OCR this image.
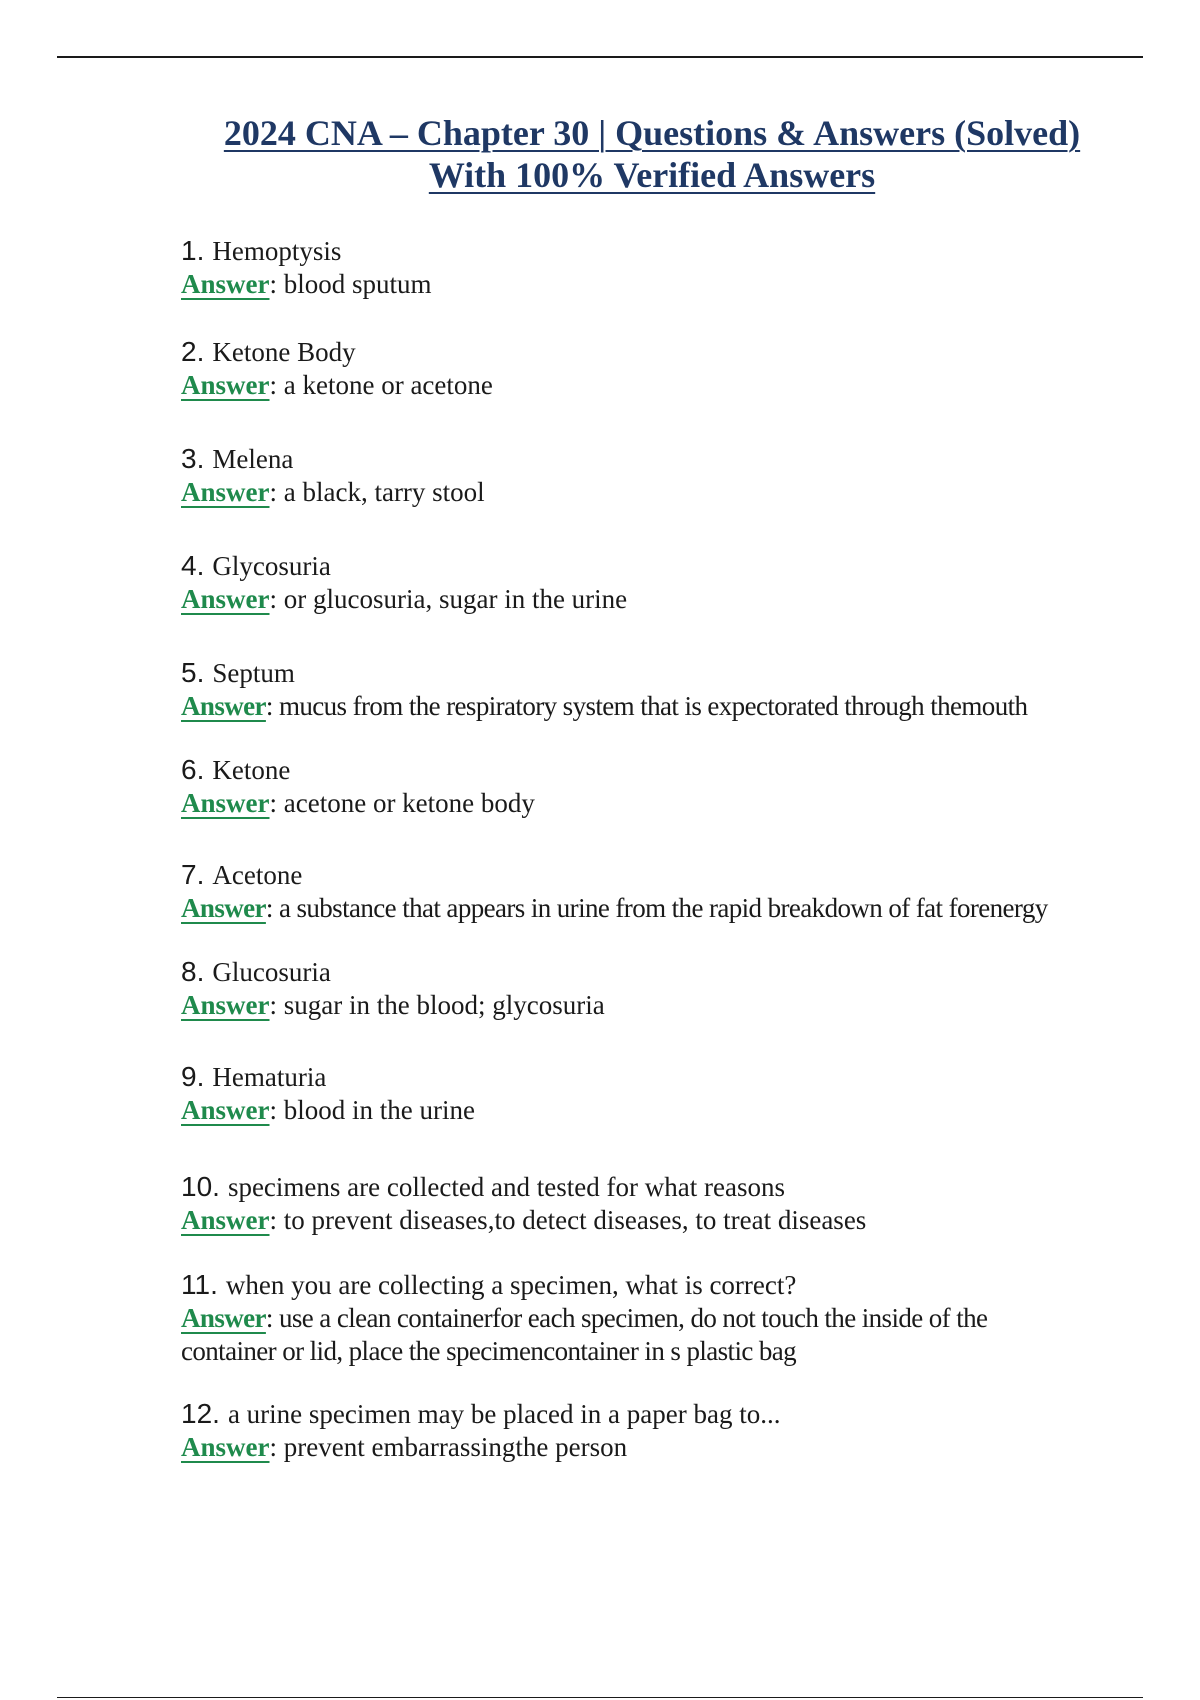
2024 CNA – Chapter 30 | Questions & Answers (Solved)
With 100% Verified Answers
1. Hemoptysis
Answer: blood sputum
2. Ketone Body
Answer: a ketone or acetone
3. Melena
Answer: a black, tarry stool
4. Glycosuria
Answer: or glucosuria, sugar in the urine
5. Septum
Answer: mucus from the respiratory system that is expectorated through themouth
6. Ketone
Answer: acetone or ketone body
7. Acetone
Answer: a substance that appears in urine from the rapid breakdown of fat forenergy
8. Glucosuria
Answer: sugar in the blood; glycosuria
9. Hematuria
Answer: blood in the urine
10. specimens are collected and tested for what reasons
Answer: to prevent diseases,to detect diseases, to treat diseases
11. when you are collecting a specimen, what is correct?
Answer: use a clean containerfor each specimen, do not touch the inside of the container or lid, place the specimencontainer in s plastic bag
12. a urine specimen may be placed in a paper bag to...
Answer: prevent embarrassingthe person
